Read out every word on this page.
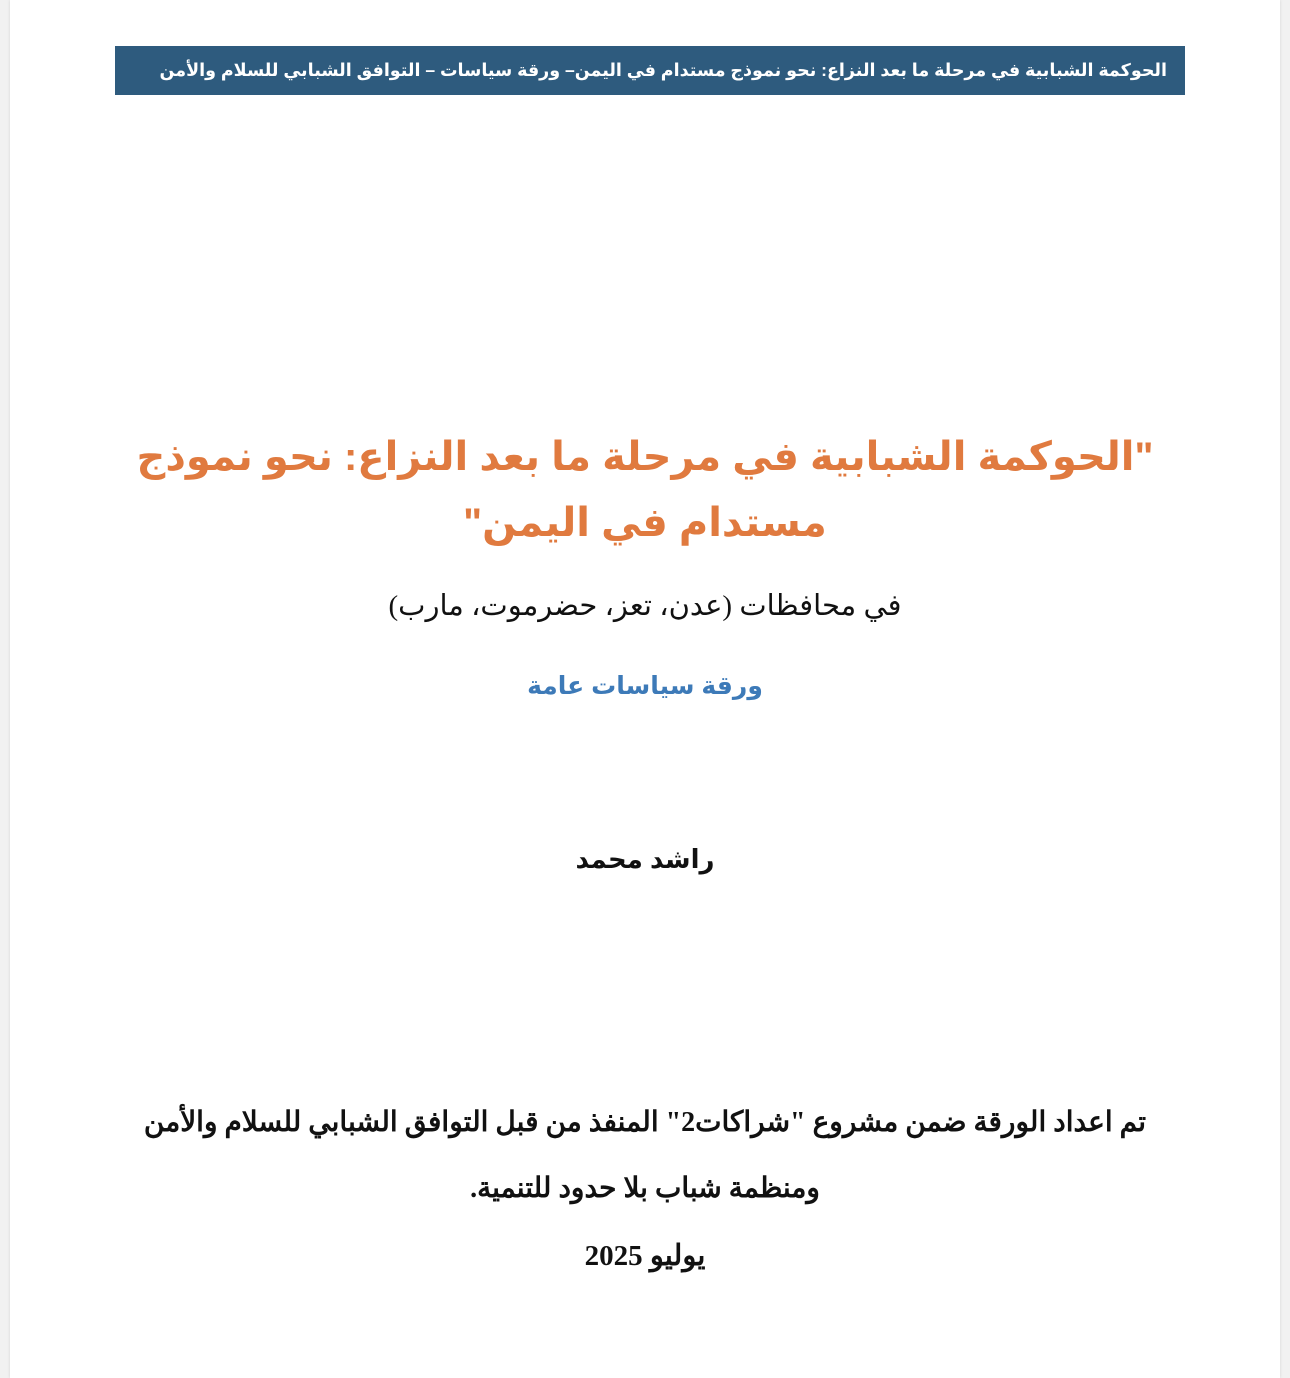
الحوكمة الشبابية في مرحلة ما بعد النزاع: نحو نموذج مستدام في اليمن– ورقة سياسات – التوافق الشبابي للسلام والأمن
"الحوكمة الشبابية في مرحلة ما بعد النزاع: نحو نموذج
مستدام في اليمن"
في محافظات (عدن، تعز، حضرموت، مارب)
ورقة سياسات عامة
راشد محمد
تم اعداد الورقة ضمن مشروع "شراكات2" المنفذ من قبل التوافق الشبابي للسلام والأمن
ومنظمة شباب بلا حدود للتنمية.
يوليو 2025
